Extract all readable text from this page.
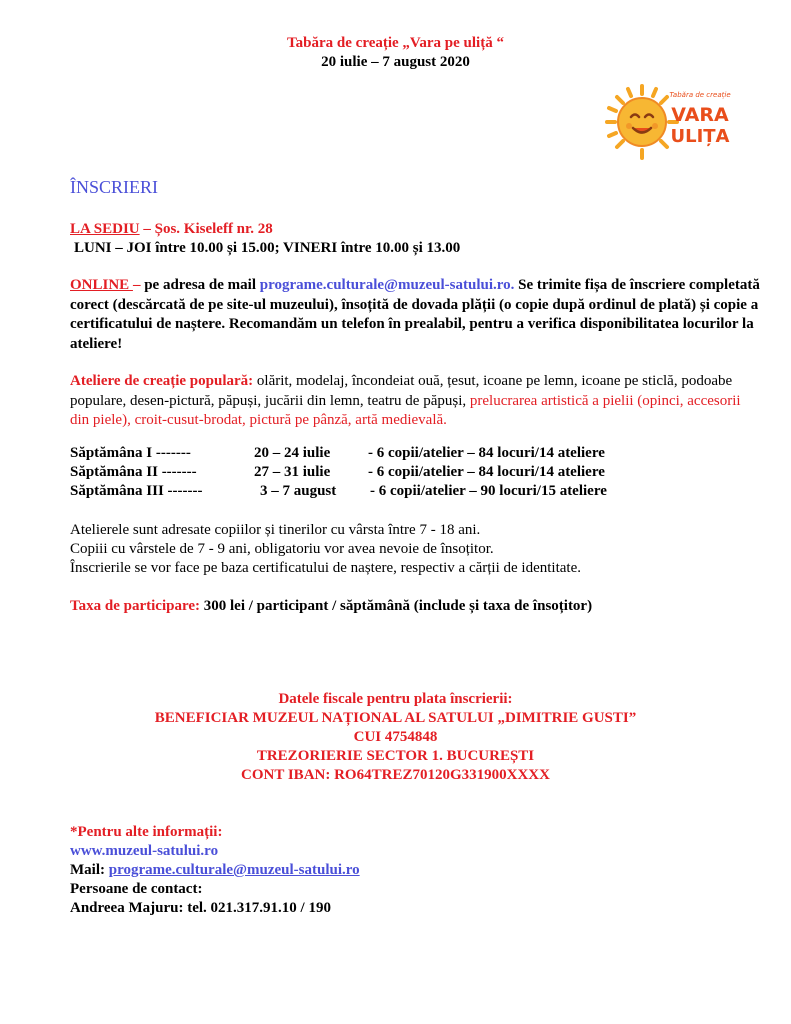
Tabăra de creație „Vara pe uliță “
20 iulie – 7 august 2020
Tabăra de creație
VARA
ULIȚA
ÎNSCRIERI
LA SEDIU – Șos. Kiseleff nr. 28
LUNI – JOI între 10.00 și 15.00; VINERI între 10.00 și 13.00
ONLINE – pe adresa de mail programe.culturale@muzeul-satului.ro. Se trimite fișa de înscriere completată corect (descărcată de pe site-ul muzeului), însoțită de dovada plății (o copie după ordinul de plată) și copie a certificatului de naștere. Recomandăm un telefon în prealabil, pentru a verifica disponibilitatea locurilor la ateliere!
Ateliere de creație populară: olărit, modelaj, încondeiat ouă, țesut, icoane pe lemn, icoane pe sticlă, podoabe populare, desen-pictură, păpuși, jucării din lemn, teatru de păpuși, prelucrarea artistică a pielii (opinci, accesorii din piele), croit-cusut-brodat, pictură pe pânză, artă medievală.
Săptămâna I -------	20 – 24 iulie	- 6 copii/atelier – 84 locuri/14 ateliere
Săptămâna II -------	27 – 31 iulie	- 6 copii/atelier – 84 locuri/14 ateliere
Săptămâna III -------	3 – 7 august - 6 copii/atelier – 90 locuri/15 ateliere
Atelierele sunt adresate copiilor și tinerilor cu vârsta între 7 - 18 ani.
Copiii cu vârstele de 7 - 9 ani, obligatoriu vor avea nevoie de însoțitor.
Înscrierile se vor face pe baza certificatului de naștere, respectiv a cărții de identitate.
Taxa de participare: 300 lei / participant / săptămână (include și taxa de însoțitor)
Datele fiscale pentru plata înscrierii:
BENEFICIAR MUZEUL NAȚIONAL AL SATULUI „DIMITRIE GUSTI”
CUI 4754848
TREZORIERIE SECTOR 1. BUCUREȘTI
CONT IBAN: RO64TREZ70120G331900XXXX
*Pentru alte informații:
www.muzeul-satului.ro
Mail: programe.culturale@muzeul-satului.ro
Persoane de contact:
Andreea Majuru: tel. 021.317.91.10 / 190
